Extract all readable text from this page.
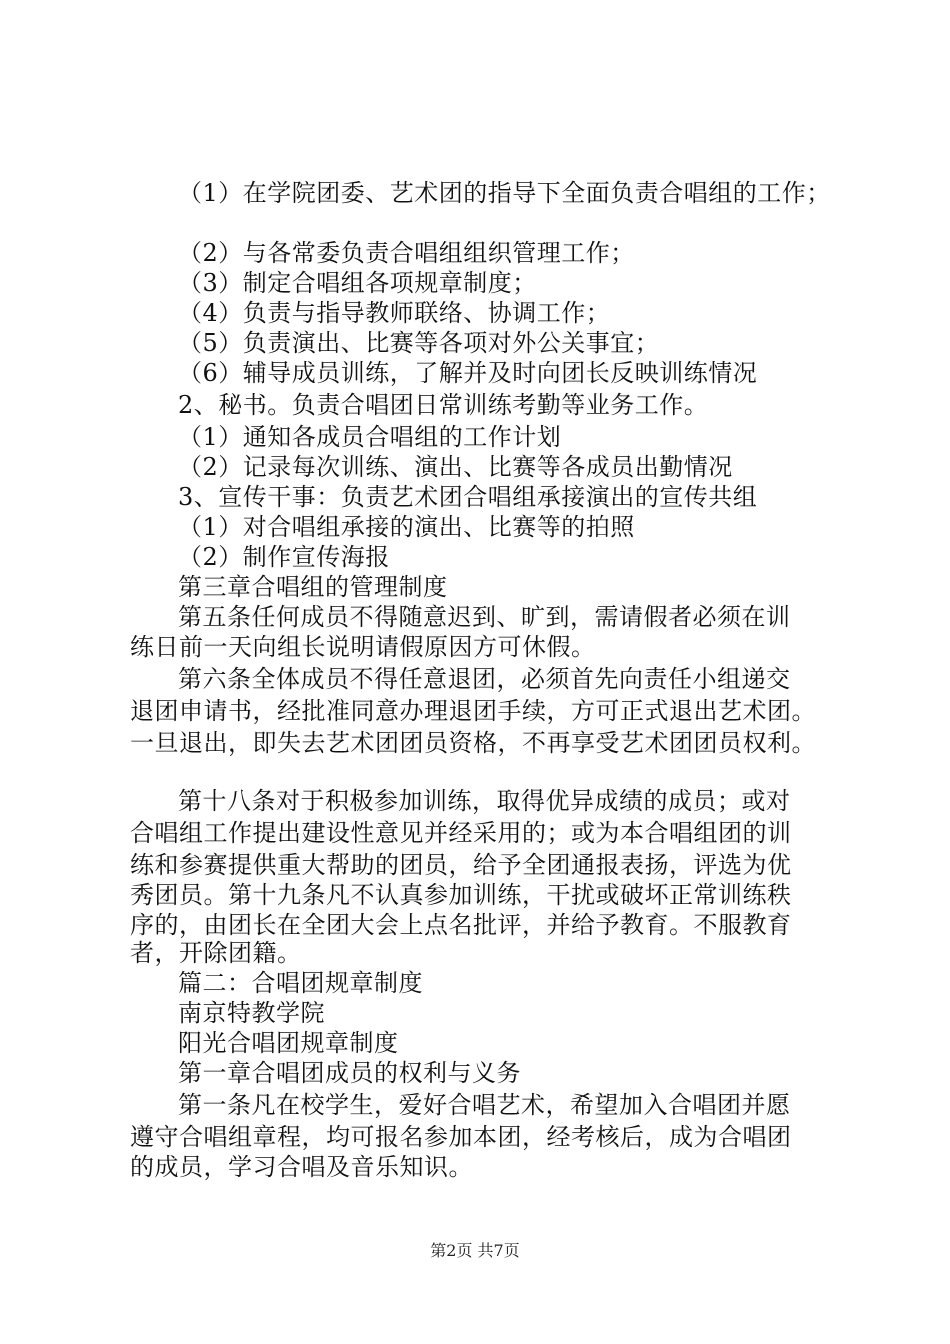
（1）在学院团委、艺术团的指导下全面负责合唱组的工作；
（2）与各常委负责合唱组组织管理工作；
（3）制定合唱组各项规章制度；
（4）负责与指导教师联络、协调工作；
（5）负责演出、比赛等各项对外公关事宜；
（6）辅导成员训练，了解并及时向团长反映训练情况
2、秘书。负责合唱团日常训练考勤等业务工作。
（1）通知各成员合唱组的工作计划
（2）记录每次训练、演出、比赛等各成员出勤情况
3、宣传干事：负责艺术团合唱组承接演出的宣传共组
（1）对合唱组承接的演出、比赛等的拍照
（2）制作宣传海报
第三章合唱组的管理制度
第五条任何成员不得随意迟到、旷到，需请假者必须在训
练日前一天向组长说明请假原因方可休假。
第六条全体成员不得任意退团，必须首先向责任小组递交
退团申请书，经批准同意办理退团手续，方可正式退出艺术团。
一旦退出，即失去艺术团团员资格，不再享受艺术团团员权利。
第十八条对于积极参加训练，取得优异成绩的成员；或对
合唱组工作提出建设性意见并经采用的；或为本合唱组团的训
练和参赛提供重大帮助的团员，给予全团通报表扬，评选为优
秀团员。第十九条凡不认真参加训练，干扰或破坏正常训练秩
序的，由团长在全团大会上点名批评，并给予教育。不服教育
者，开除团籍。
篇二：合唱团规章制度
南京特教学院
阳光合唱团规章制度
第一章合唱团成员的权利与义务
第一条凡在校学生，爱好合唱艺术，希望加入合唱团并愿
遵守合唱组章程，均可报名参加本团，经考核后，成为合唱团
的成员，学习合唱及音乐知识。
第2页 共7页
